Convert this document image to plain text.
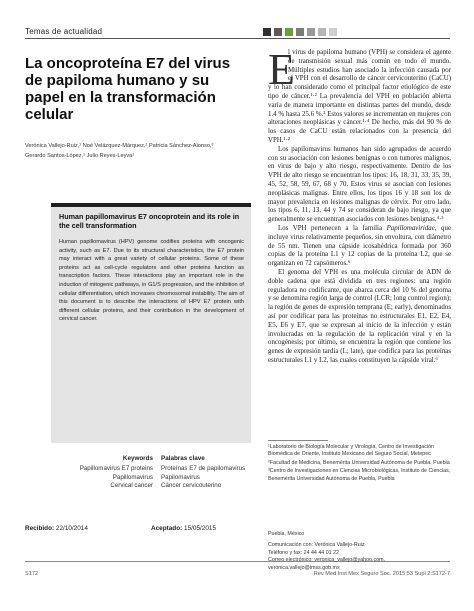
Temas de actualidad
La oncoproteína E7 del virus de papiloma humano y su papel en la transformación celular
Verónica Vallejo-Ruiz,¹ Noé Velázquez-Márquez,² Patricia Sánchez-Alonso,³
Gerardo Santos-López,¹ Julio Reyes-Leyva¹
Human papillomavirus E7 oncoprotein and its role in the cell transformation
Human papillomavirus (HPV) genome codifies proteins with oncogenic activity, such as E7. Due to its structural characteristics, the E7 protein may interact with a great variety of cellular proteins. Some of these proteins act as cell-cycle regulators and other proteins function as transcription factors. These interactions play an important role in the induction of mitogenic pathways, in G1/S progression, and the inhibition of cellular differentiation, which increases chromosomal instability. The aim of this document is to describe the interactions of HPV E7 protein with different cellular proteins, and their contribution in the development of cervical cancer.
Keywords Palabras clave
Papillomavirus E7 proteins
Papillomavirus
Cervical cancer
Proteínas E7 de papilomavirus
Papilomavirus
Cáncer cervicouterino
Recibido: 22/10/2014	Aceptado: 15/05/2015
S172	Rev Med Inst Mex Seguro Soc. 2015;53 Supl 2:S172-7
E

l virus de papiloma humano (VPH) se considera el agente de transmisión sexual más común en todo el mundo. Múltiples estudios han asociado la infección causada por el VPH con el desarrollo de cáncer cervicouterino (CaCU) y lo han considerado como el principal factor etiológico de este tipo de cáncer.¹·² La prevalencia del VPH en población abierta varía de manera importante en distintas partes del mundo, desde 1.4 % hasta 25.6 %.³ Estos valores se incrementan en mujeres con alteraciones neoplásicas y cáncer.¹·⁴ De hecho, más del 90 % de los casos de CaCU están relacionados con la presencia del VPH.¹·²

Los papilomavirus humanos han sido agrupados de acuerdo con su asociación con lesiones benignas o con tumores malignos, en virus de bajo y alto riesgo, respectivamente. Dentro de los VPH de alto riesgo se encuentran los tipos: 16, 18, 31, 33, 35, 39, 45, 52, 58, 59, 67, 68 y 70. Estos virus se asocian con lesiones neoplásicas malignas. Entre ellos, los tipos 16 y 18 son los de mayor prevalencia en lesiones malignas de cérvix. Por otro lado, los tipos 6, 11, 13, 44 y 74 se consideran de bajo riesgo, ya que generalmente se encuentran asociados con lesiones benignas.⁴·⁵

Los VPH pertenecen a la familia Papillomaviridae, que incluye virus relativamente pequeños, sin envoltura, con diámetro de 55 nm. Tienen una cápside icosahédrica formada por 360 copias de la proteína L1 y 12 copias de la proteína L2, que se organizan en 72 capsómeros.⁶

El genoma del VPH es una molécula circular de ADN de doble cadena que está dividida en tres regiones: una región reguladora no codificante, que abarca cerca del 10 % del genoma y se denomina región larga de control (LCR; long control region); la región de genes de expresión temprana (E; early), denominados así por codificar para las proteínas no estructurales E1, E2, E4, E5, E6 y E7, que se expresan al inicio de la infección y están involucradas en la regulación de la replicación viral y en la oncogénesis; por último, se encuentra la región que contiene los genes de expresión tardía (L; late), que codifica para las proteínas estructurales L1 y L2, las cuales constituyen la cápside viral.⁶

¹Laboratorio de Biología Molecular y Virología, Centro de Investigación Biomédica de Oriente, Instituto Mexicano del Seguro Social, Metepec
²Facultad de Medicina, Benemérita Universidad Autónoma de Puebla, Puebla
³Centro de Investigaciones en Ciencias Microbiológicas, Instituto de Ciencias, Benemérita Universidad Autónoma de Puebla, Puebla
Puebla, México
Comunicación con: Verónica Vallejo-Ruiz
Teléfono y fax: 24 44 44 01 22
Correo electrónico: veronica_vallejo@yahoo.com,
veronica.vallejo@imss.gob.mx
